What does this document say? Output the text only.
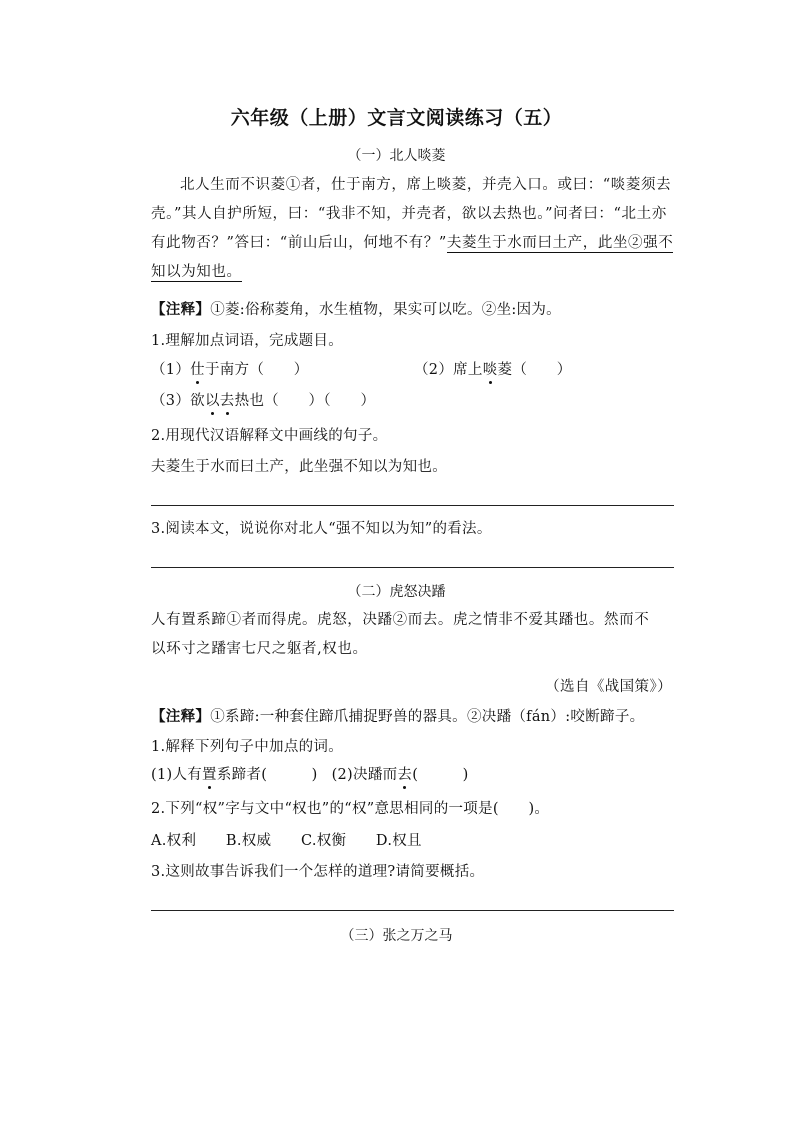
六年级（上册）文言文阅读练习（五）
（一）北人啖菱
北人生而不识菱①者，仕于南方，席上啖菱，并壳入口。或曰：“啖菱须去
壳。”其人自护所短，曰：“我非不知，并壳者，欲以去热也。”问者曰：“北土亦
有此物否？”答曰：“前山后山，何地不有？”夫菱生于水而曰土产，此坐②强不
知以为知也。
【注释】①菱:俗称菱角，水生植物，果实可以吃。②坐:因为。
1.理解加点词语，完成题目。
（1）仕于南方（　　）	（2）席上啖菱（　　）
（3）欲以去热也（　　）（　　）
2.用现代汉语解释文中画线的句子。
夫菱生于水而曰土产，此坐强不知以为知也。
3.阅读本文，说说你对北人“强不知以为知”的看法。
（二）虎怒决蹯
人有置系蹄①者而得虎。虎怒，决蹯②而去。虎之情非不爱其蹯也。然而不
以环寸之蹯害七尺之躯者,权也。
（选自《战国策》）
【注释】①系蹄:一种套住蹄爪捕捉野兽的器具。②决蹯（fán）:咬断蹄子。
1.解释下列句子中加点的词。
(1)人有置系蹄者(　　　) (2)决蹯而去(　　　)
2.下列“权”字与文中“权也”的“权”意思相同的一项是(　　)。
A.权利　　B.权威　　C.权衡　　D.权且
3.这则故事告诉我们一个怎样的道理?请简要概括。
（三）张之万之马
